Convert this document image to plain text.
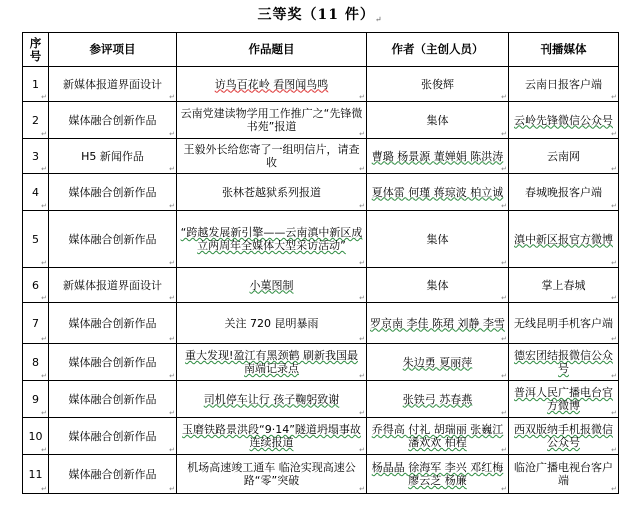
三等奖（11 件）↵
序号	参评项目	作品题目	作者（主创人员）	刊播媒体
1
↵	新媒体报道界面设计
↵	访鸟百花岭 看图闻鸟鸣
↵	张俊辉
↵	云南日报客户端
↵

2
↵	媒体融合创新作品
↵	云南党建读物学用工作推广之“先锋微书苑”报道
↵	集体
↵	云岭先锋微信公众号
↵

3
↵	H5 新闻作品
↵	王毅外长给您寄了一组明信片，请查收 ↵	曹璐 杨景源 董婵娟 陈洪涛
↵	云南网
↵

4
↵	媒体融合创新作品
↵	张林苍越狱系列报道
↵	夏体雷 何瑾 蒋琼波 柏立诚
↵	春城晚报客户端
↵

5
↵	媒体融合创新作品
↵	“跨越发展新引擎——云南滇中新区成立两周年全媒体大型采访活动”
↵	集体
↵	滇中新区报官方微博
↵

6
↵	新媒体报道界面设计
↵	小菓图制
↵	集体
↵	掌上春城
↵

7
↵	媒体融合创新作品
↵	关注 720 昆明暴雨
↵	罗京南 李佳 陈珺 刘静 李雪
↵	无线昆明手机客户端
↵

8
↵	媒体融合创新作品
↵	重大发现!盈江有黑颈鹤 刷新我国最南端记录点
↵	朱边勇 夏丽萍
↵	德宏团结报微信公众号
↵

9
↵	媒体融合创新作品
↵	司机停车让行 孩子鞠躬致谢
↵	张铁弓 苏春燕
↵	普洱人民广播电台官方微博
↵

10
↵	媒体融合创新作品
↵	玉磨铁路景洪段“9·14”隧道坍塌事故连续报道
↵	乔得高 付礼 胡瑞丽 张巍江 潘欢欢 柏程
↵	西双版纳手机报微信公众号
↵

11
↵	媒体融合创新作品
↵	机场高速竣工通车 临沧实现高速公路“零”突破
↵	杨晶晶 徐海军 李兴 邓红梅 廖云芝 杨廉
↵	临沧广播电视台客户端
↵
